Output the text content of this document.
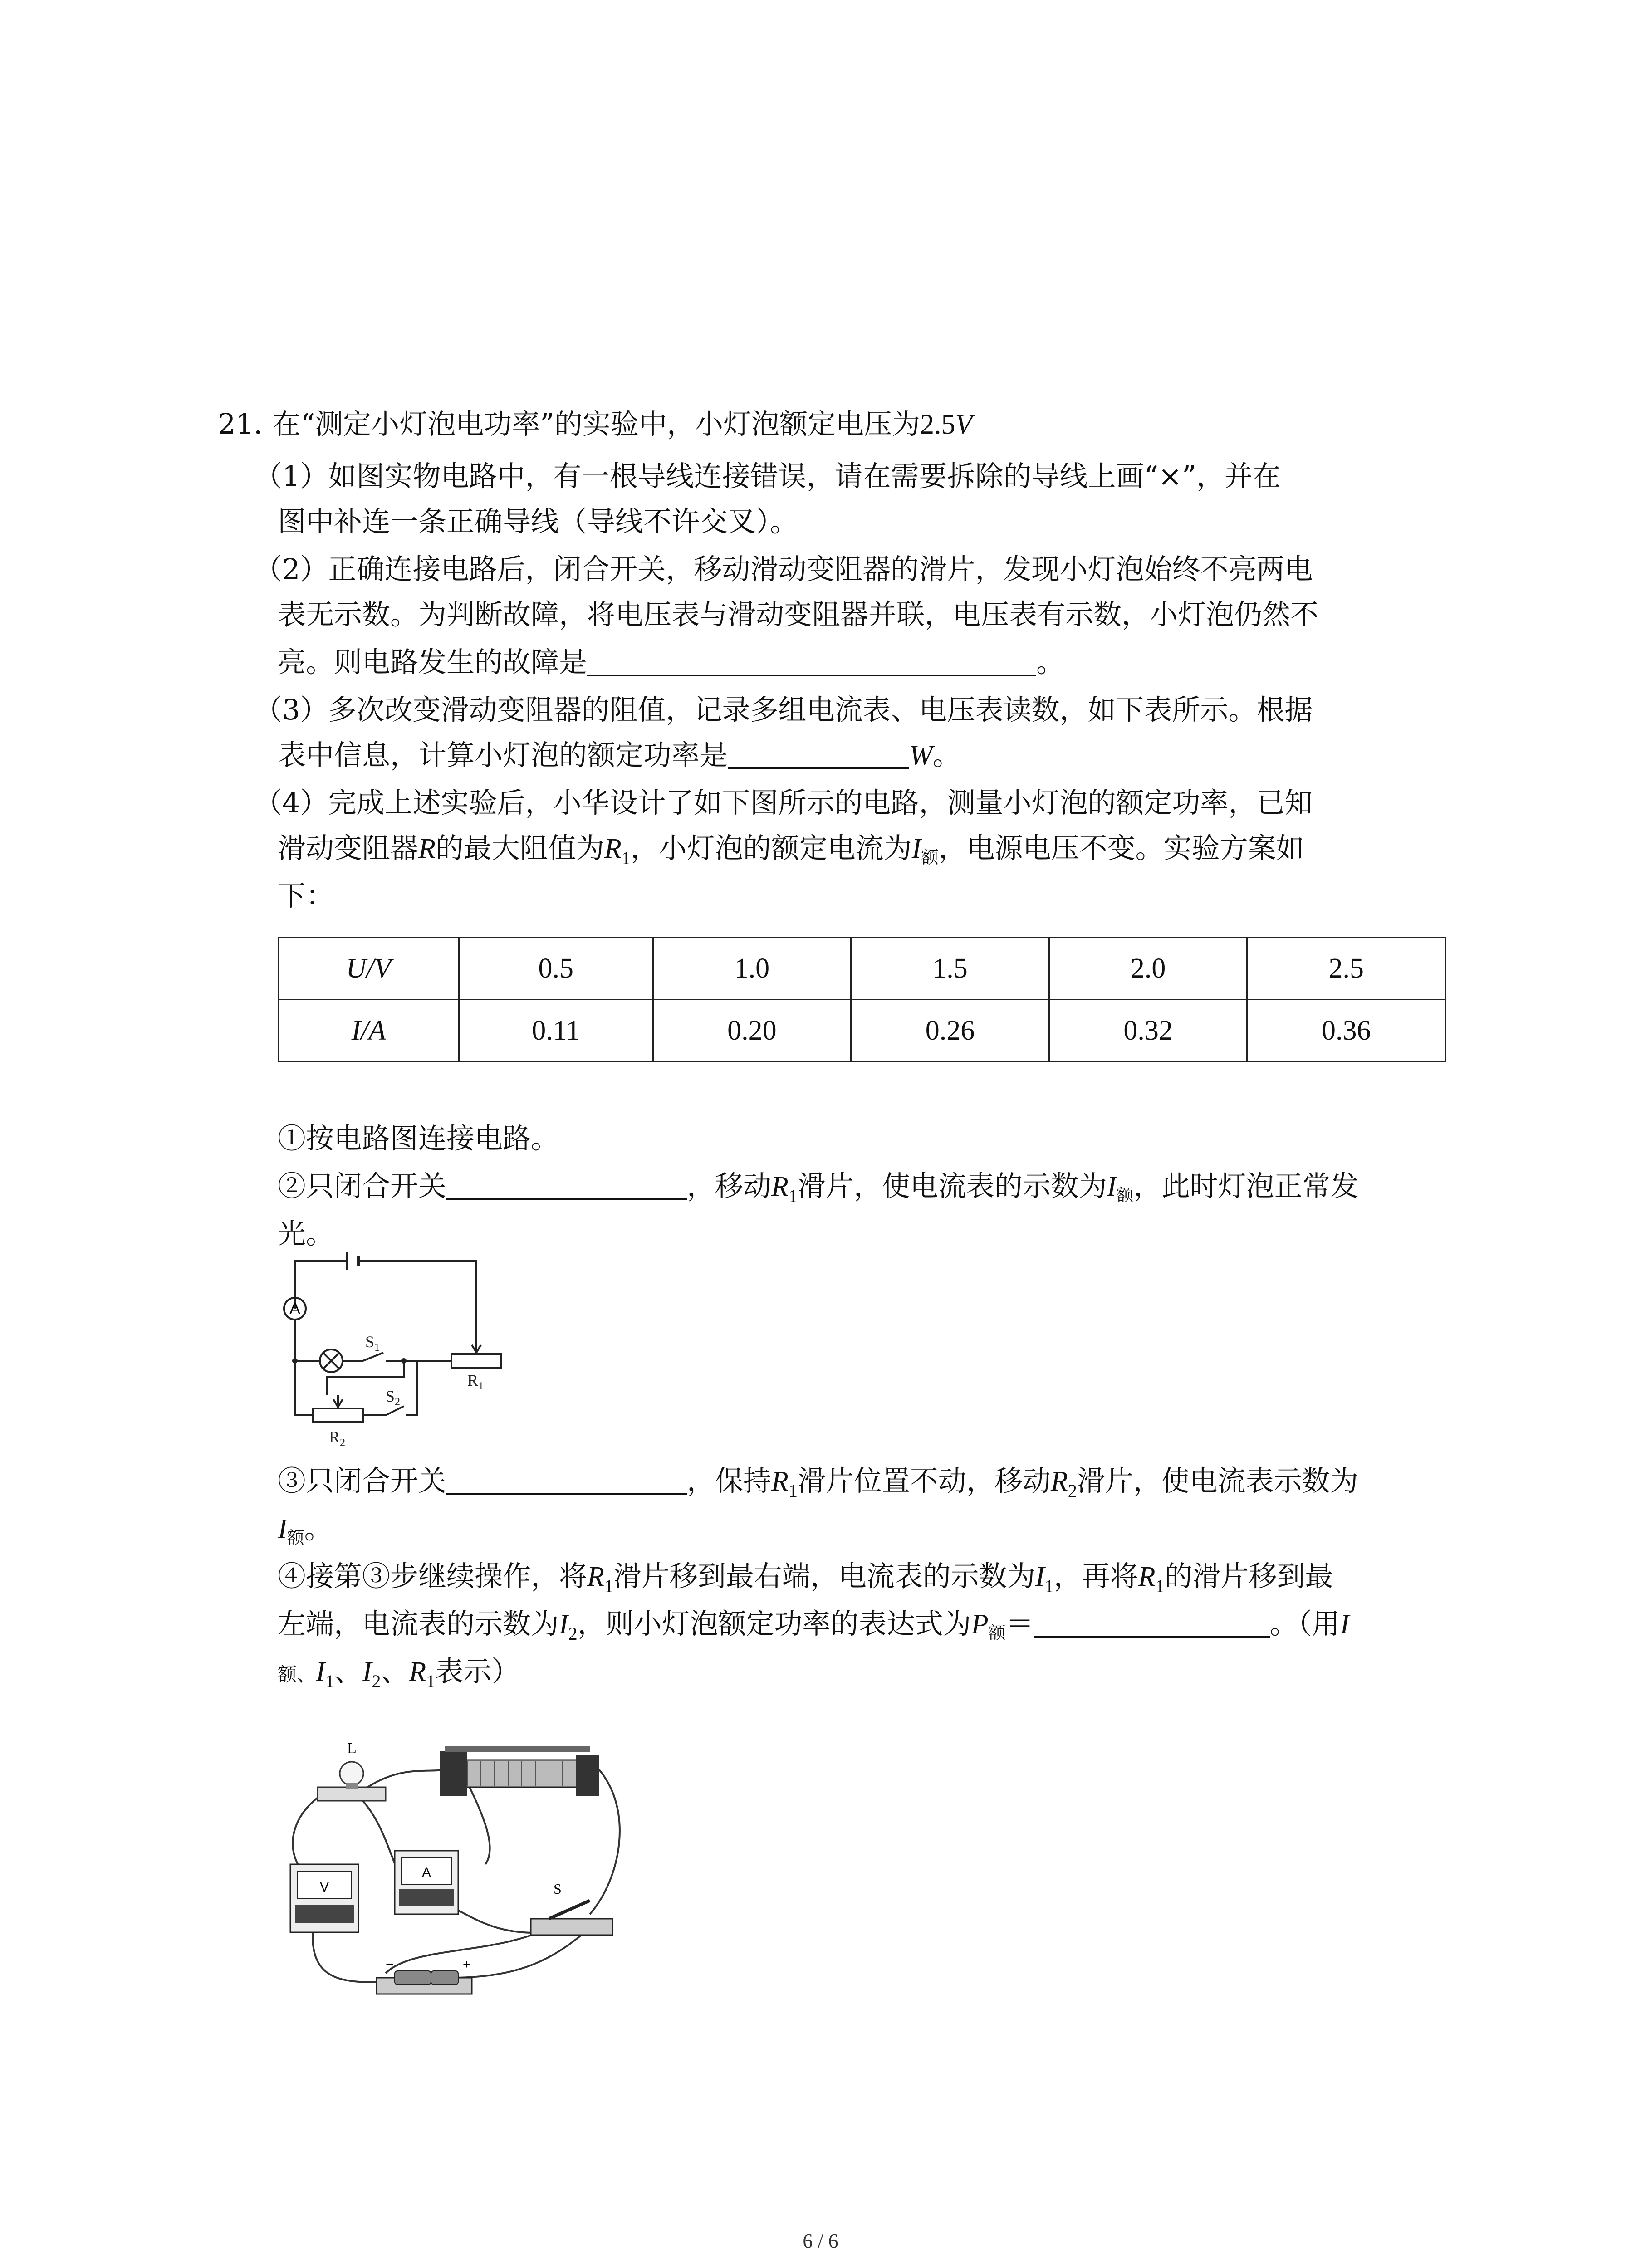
21. 在“测定小灯泡电功率”的实验中，小灯泡额定电压为2.5V
（1）如图实物电路中，有一根导线连接错误，请在需要拆除的导线上画“×”，并在
图中补连一条正确导线（导线不许交叉）。
（2）正确连接电路后，闭合开关，移动滑动变阻器的滑片，发现小灯泡始终不亮两电
表无示数。为判断故障，将电压表与滑动变阻器并联，电压表有示数，小灯泡仍然不
亮。则电路发生的故障是	。
（3）多次改变滑动变阻器的阻值，记录多组电流表、电压表读数，如下表所示。根据
表中信息，计算小灯泡的额定功率是	W。
（4）完成上述实验后，小华设计了如下图所示的电路，测量小灯泡的额定功率，已知
滑动变阻器R的最大阻值为$R_1$，小灯泡的额定电流为I额，电源电压不变。实验方案如
下：
U/V	0.5	1.0	1.5	2.0	2.5
I/A	0.11	0.20	0.26	0.32	0.36
①按电路图连接电路。
②只闭合开关	，移动$R_1$滑片，使电流表的示数为I额，此时灯泡正常发
光。
A
$S_1$
$S_2$
$R_1$
$R_2$
③只闭合开关	，保持$R_1$滑片位置不动，移动$R_2$滑片，使电流表示数为
I额。
④接第③步继续操作，将$R_1$滑片移到最右端，电流表的示数为$I_1$，再将$R_1$的滑片移到最
左端，电流表的示数为$I_2$，则小灯泡额定功率的表达式为P额＝	。（用I
额、$I_1$、$I_2$、$R_1$表示）
L
V
A
S
−	+
6 / 6
